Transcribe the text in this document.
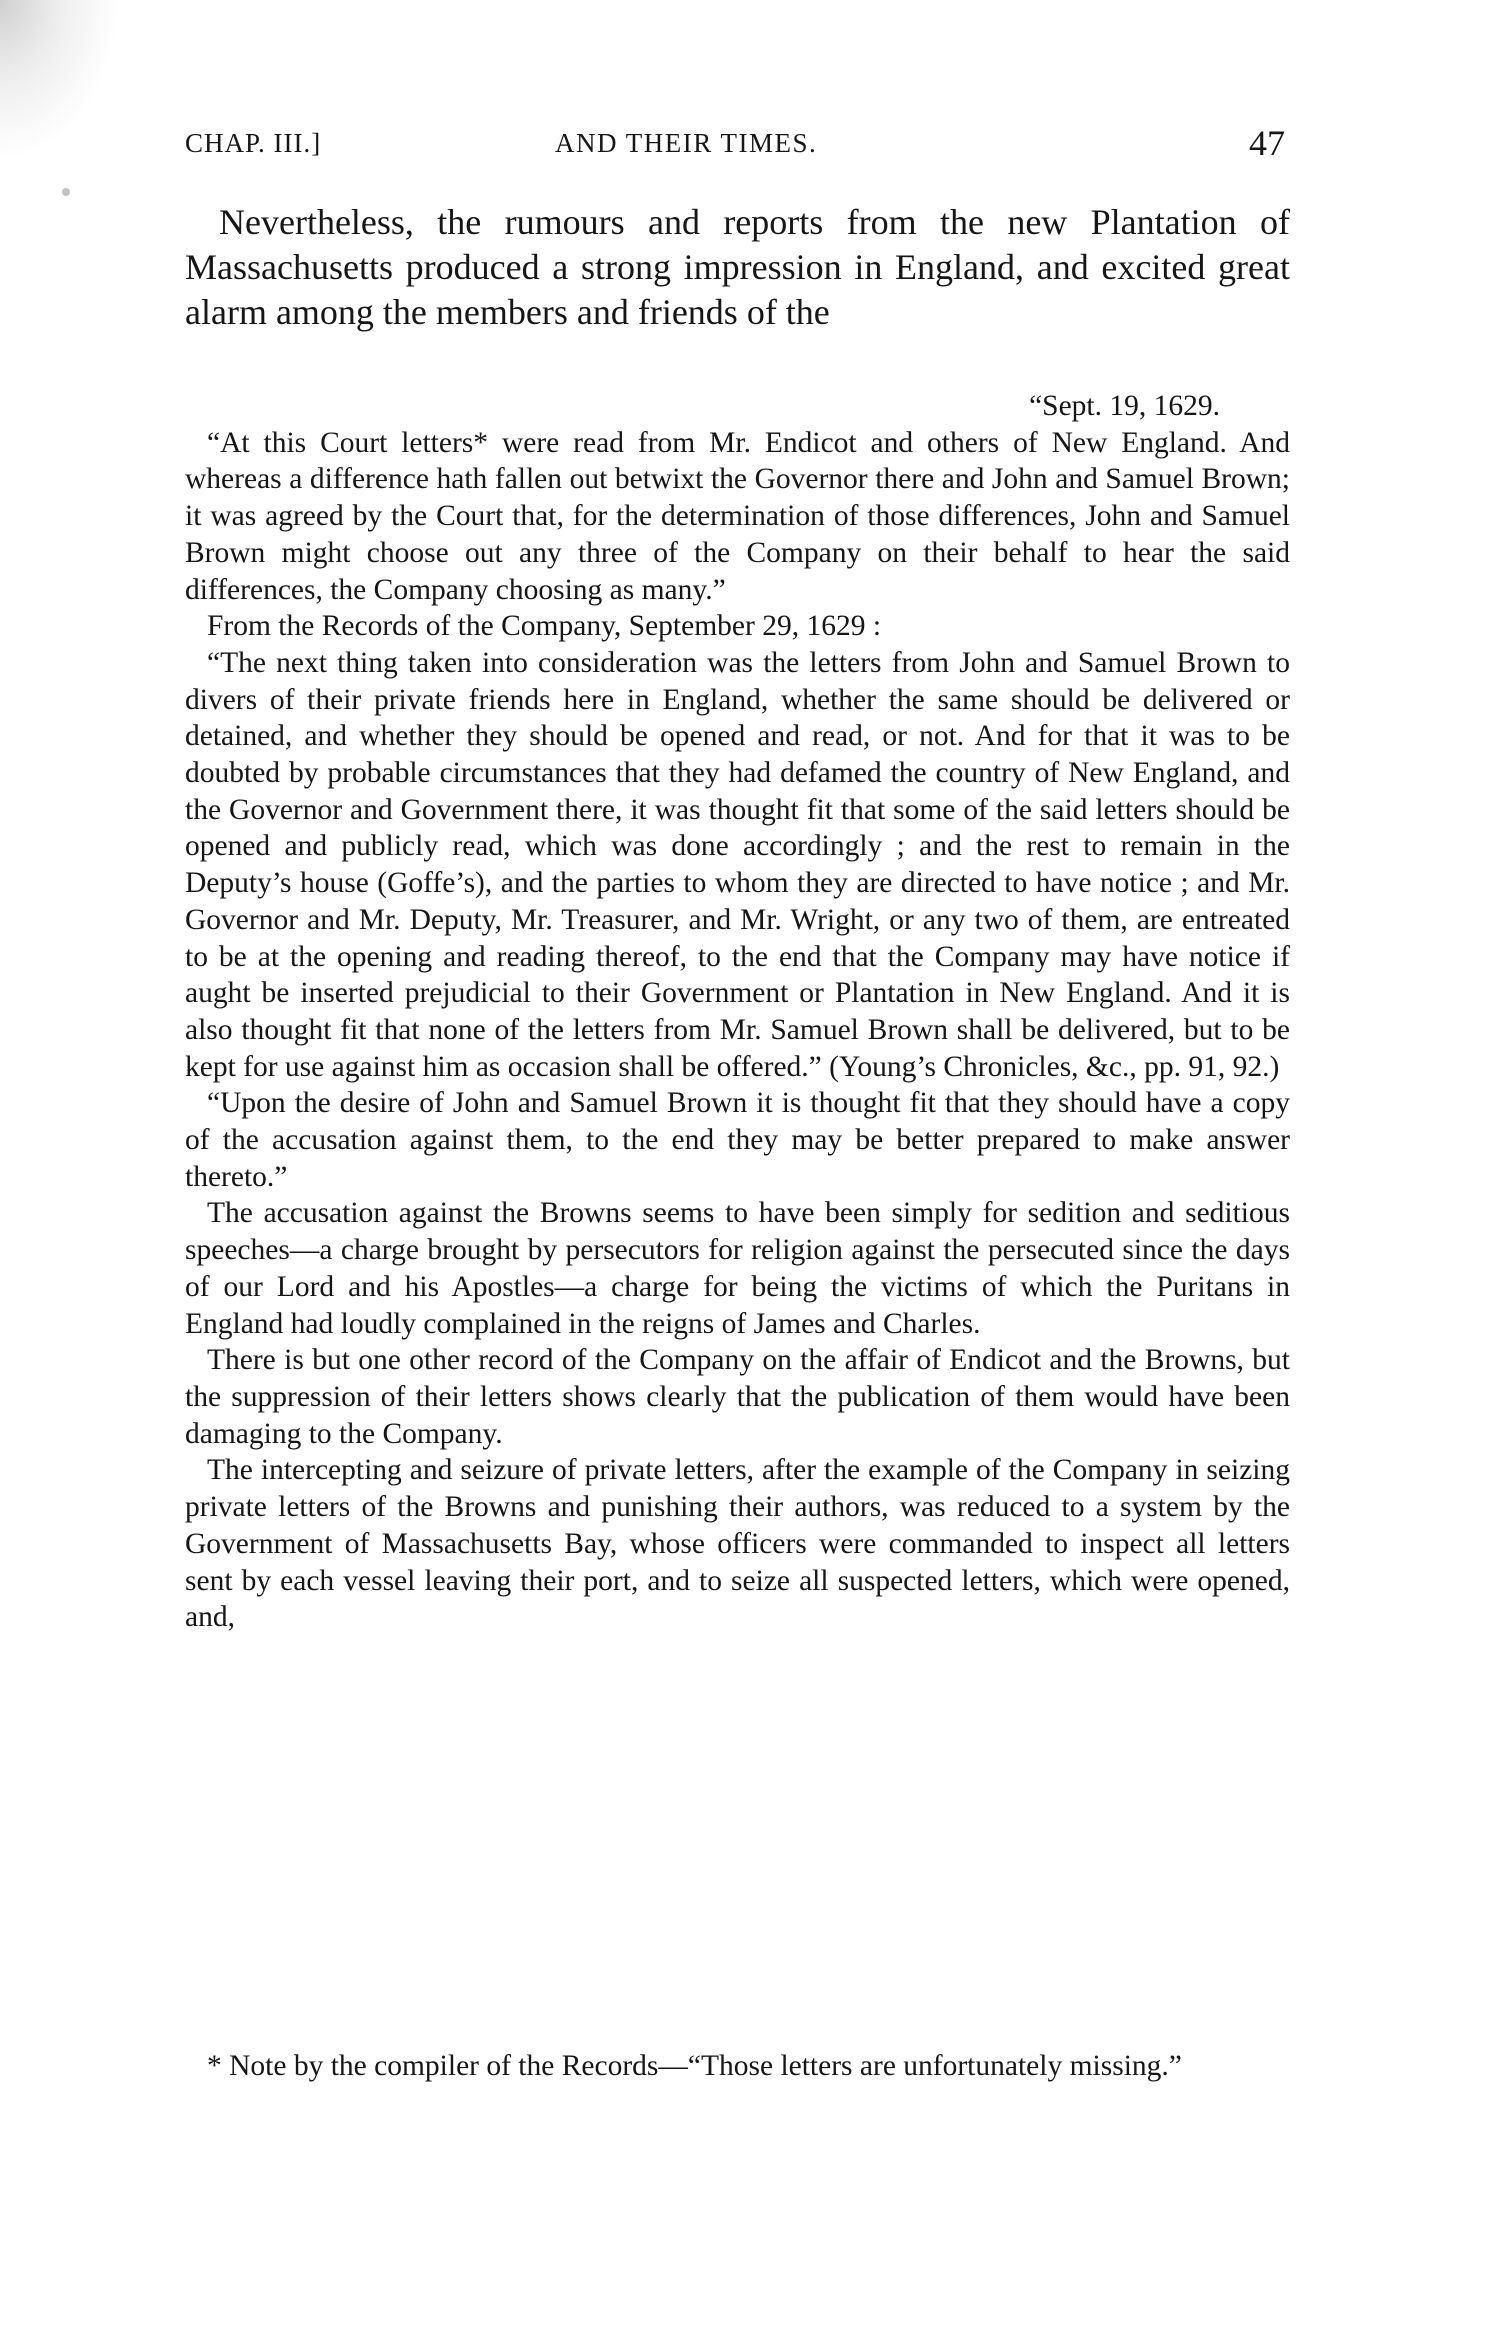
CHAP. III.]	AND THEIR TIMES.	47

Nevertheless, the rumours and reports from the new Plantation of Massachusetts produced a strong impression in England, and excited great alarm among the members and friends of the

“Sept. 19, 1629.

“At this Court letters* were read from Mr. Endicot and others of New England. And whereas a difference hath fallen out betwixt the Governor there and John and Samuel Brown; it was agreed by the Court that, for the determination of those differences, John and Samuel Brown might choose out any three of the Company on their behalf to hear the said differences, the Company choosing as many.”

From the Records of the Company, September 29, 1629 :

“The next thing taken into consideration was the letters from John and Samuel Brown to divers of their private friends here in England, whether the same should be delivered or detained, and whether they should be opened and read, or not. And for that it was to be doubted by probable circumstances that they had defamed the country of New England, and the Governor and Government there, it was thought fit that some of the said letters should be opened and publicly read, which was done accordingly ; and the rest to remain in the Deputy’s house (Goffe’s), and the parties to whom they are directed to have notice ; and Mr. Governor and Mr. Deputy, Mr. Treasurer, and Mr. Wright, or any two of them, are entreated to be at the opening and reading thereof, to the end that the Company may have notice if aught be inserted prejudicial to their Government or Plantation in New England. And it is also thought fit that none of the letters from Mr. Samuel Brown shall be delivered, but to be kept for use against him as occasion shall be offered.” (Young’s Chronicles, &c., pp. 91, 92.)

“Upon the desire of John and Samuel Brown it is thought fit that they should have a copy of the accusation against them, to the end they may be better prepared to make answer thereto.”

The accusation against the Browns seems to have been simply for sedition and seditious speeches—a charge brought by persecutors for religion against the persecuted since the days of our Lord and his Apostles—a charge for being the victims of which the Puritans in England had loudly complained in the reigns of James and Charles.

There is but one other record of the Company on the affair of Endicot and the Browns, but the suppression of their letters shows clearly that the publication of them would have been damaging to the Company.

The intercepting and seizure of private letters, after the example of the Company in seizing private letters of the Browns and punishing their authors, was reduced to a system by the Government of Massachusetts Bay, whose officers were commanded to inspect all letters sent by each vessel leaving their port, and to seize all suspected letters, which were opened, and,

* Note by the compiler of the Records—“Those letters are unfortunately missing.”
